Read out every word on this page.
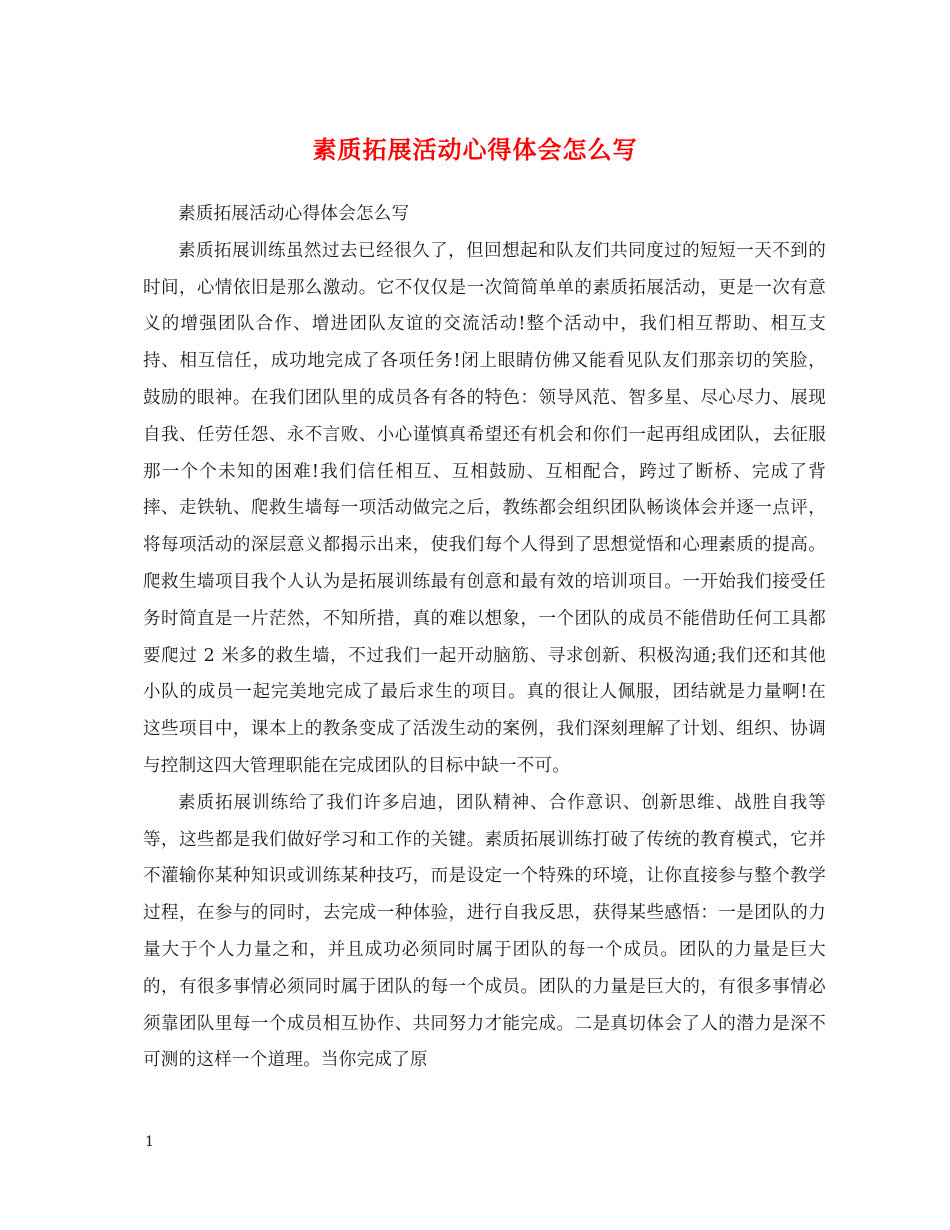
素质拓展活动心得体会怎么写

素质拓展活动心得体会怎么写

素质拓展训练虽然过去已经很久了，但回想起和队友们共同度过的短短一天不到的时间，心情依旧是那么激动。它不仅仅是一次简简单单的素质拓展活动，更是一次有意义的增强团队合作、增进团队友谊的交流活动!整个活动中，我们相互帮助、相互支持、相互信任，成功地完成了各项任务!闭上眼睛仿佛又能看见队友们那亲切的笑脸，鼓励的眼神。在我们团队里的成员各有各的特色：领导风范、智多星、尽心尽力、展现自我、任劳任怨、永不言败、小心谨慎真希望还有机会和你们一起再组成团队，去征服那一个个未知的困难!我们信任相互、互相鼓励、互相配合，跨过了断桥、完成了背摔、走铁轨、爬救生墙每一项活动做完之后，教练都会组织团队畅谈体会并逐一点评，将每项活动的深层意义都揭示出来，使我们每个人得到了思想觉悟和心理素质的提高。爬救生墙项目我个人认为是拓展训练最有创意和最有效的培训项目。一开始我们接受任务时简直是一片茫然，不知所措，真的难以想象，一个团队的成员不能借助任何工具都要爬过 2 米多的救生墙，不过我们一起开动脑筋、寻求创新、积极沟通;我们还和其他小队的成员一起完美地完成了最后求生的项目。真的很让人佩服，团结就是力量啊!在这些项目中，课本上的教条变成了活泼生动的案例，我们深刻理解了计划、组织、协调与控制这四大管理职能在完成团队的目标中缺一不可。

素质拓展训练给了我们许多启迪，团队精神、合作意识、创新思维、战胜自我等等，这些都是我们做好学习和工作的关键。素质拓展训练打破了传统的教育模式，它并不灌输你某种知识或训练某种技巧，而是设定一个特殊的环境，让你直接参与整个教学过程，在参与的同时，去完成一种体验，进行自我反思，获得某些感悟：一是团队的力量大于个人力量之和，并且成功必须同时属于团队的每一个成员。团队的力量是巨大的，有很多事情必须同时属于团队的每一个成员。团队的力量是巨大的，有很多事情必须靠团队里每一个成员相互协作、共同努力才能完成。二是真切体会了人的潜力是深不可测的这样一个道理。当你完成了原

1
